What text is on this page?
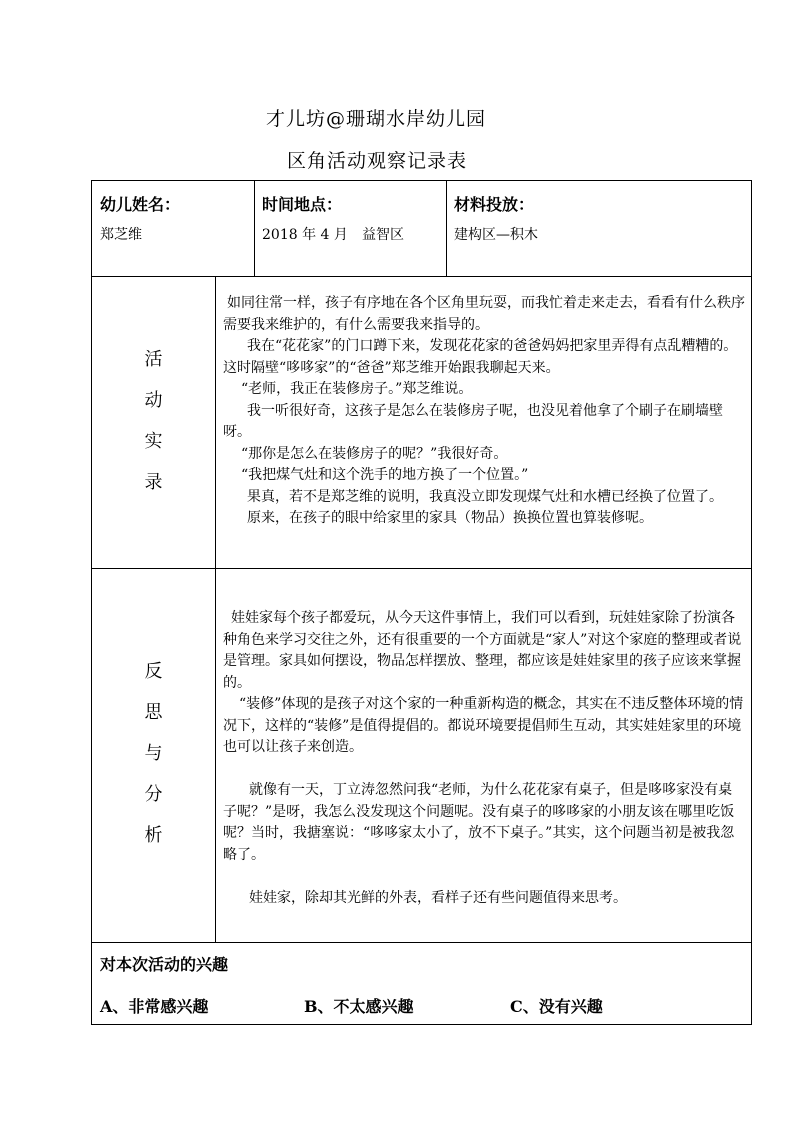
才儿坊@珊瑚水岸幼儿园
区角活动观察记录表
幼儿姓名：
郑芝维
时间地点：
2018 年 4 月 益智区
材料投放：
建构区—积木
活
动
实
录

如同往常一样，孩子有序地在各个区角里玩耍，而我忙着走来走去，看看有什么秩序需要我来维护的，有什么需要我来指导的。

我在“花花家”的门口蹲下来，发现花花家的爸爸妈妈把家里弄得有点乱糟糟的。这时隔壁“哆哆家”的“爸爸”郑芝维开始跟我聊起天来。

“老师，我正在装修房子。”郑芝维说。

我一听很好奇，这孩子是怎么在装修房子呢，也没见着他拿了个刷子在刷墙壁呀。

“那你是怎么在装修房子的呢？”我很好奇。

“我把煤气灶和这个洗手的地方换了一个位置。”

果真，若不是郑芝维的说明，我真没立即发现煤气灶和水槽已经换了位置了。

原来，在孩子的眼中给家里的家具（物品）换换位置也算装修呢。

反
思
与
分
析

娃娃家每个孩子都爱玩，从今天这件事情上，我们可以看到，玩娃娃家除了扮演各种角色来学习交往之外，还有很重要的一个方面就是“家人”对这个家庭的整理或者说是管理。家具如何摆设，物品怎样摆放、整理，都应该是娃娃家里的孩子应该来掌握的。

“装修”体现的是孩子对这个家的一种重新构造的概念，其实在不违反整体环境的情况下，这样的“装修”是值得提倡的。都说环境要提倡师生互动，其实娃娃家里的环境也可以让孩子来创造。

就像有一天，丁立涛忽然问我“老师，为什么花花家有桌子，但是哆哆家没有桌子呢？”是呀，我怎么没发现这个问题呢。没有桌子的哆哆家的小朋友该在哪里吃饭呢？当时，我搪塞说：“哆哆家太小了，放不下桌子。”其实，这个问题当初是被我忽略了。

娃娃家，除却其光鲜的外表，看样子还有些问题值得来思考。

对本次活动的兴趣
A、非常感兴趣	B、不太感兴趣	C、没有兴趣
